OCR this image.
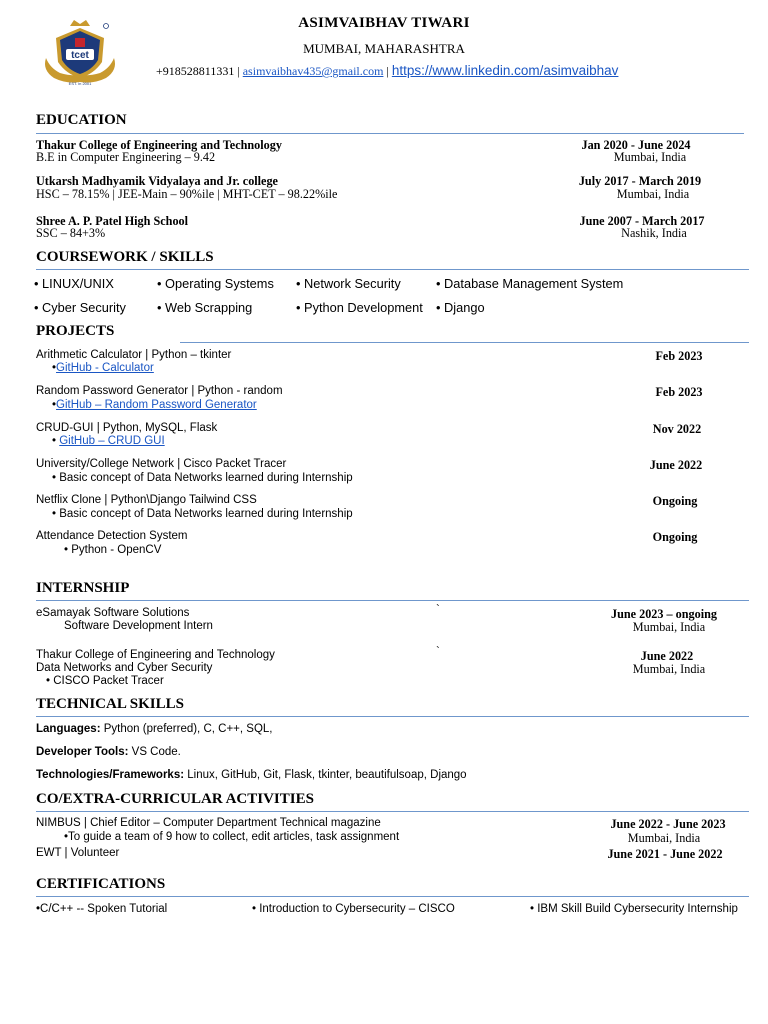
tcet
EST. in 2001
ASIMVAIBHAV TIWARI
MUMBAI, MAHARASHTRA
+918528811331 | asimvaibhav435@gmail.com | https://www.linkedin.com/asimvaibhav
EDUCATION
Thakur College of Engineering and Technology
B.E in Computer Engineering – 9.42
Jan 2020 - June 2024
Mumbai, India
Utkarsh Madhyamik Vidyalaya and Jr. college
HSC – 78.15% | JEE-Main – 90%ile | MHT-CET – 98.22%ile
July 2017 - March 2019
Mumbai, India
Shree A. P. Patel High School
SSC – 84+3%
June 2007 - March 2017
Nashik, India
COURSEWORK / SKILLS
• LINUX/UNIX	• Operating Systems • Network Security	• Database Management System
• Cyber Security • Web Scrapping	• Python Development • Django
PROJECTS
Arithmetic Calculator | Python – tkinter
•GitHub - Calculator
Feb 2023
Random Password Generator | Python - random
•GitHub – Random Password Generator
Feb 2023
CRUD-GUI | Python, MySQL, Flask
• GitHub – CRUD GUI
Nov 2022
University/College Network | Cisco Packet Tracer
• Basic concept of Data Networks learned during Internship
June 2022
Netflix Clone | Python\Django Tailwind CSS
• Basic concept of Data Networks learned during Internship
Ongoing
Attendance Detection System
• Python - OpenCV
Ongoing
INTERNSHIP
eSamayak Software Solutions	`
Software Development Intern
June 2023 – ongoing
Mumbai, India
Thakur College of Engineering and Technology	`
Data Networks and Cyber Security
• CISCO Packet Tracer
June 2022
Mumbai, India
TECHNICAL SKILLS
Languages: Python (preferred), C, C++, SQL,
Developer Tools: VS Code.
Technologies/Frameworks: Linux, GitHub, Git, Flask, tkinter, beautifulsoap, Django
CO/EXTRA-CURRICULAR ACTIVITIES
NIMBUS | Chief Editor – Computer Department Technical magazine
•To guide a team of 9 how to collect, edit articles, task assignment
June 2022 - June 2023
Mumbai, India
EWT | Volunteer	June 2021 - June 2022
CERTIFICATIONS
•C/C++ -- Spoken Tutorial	• Introduction to Cybersecurity – CISCO	• IBM Skill Build Cybersecurity Internship
